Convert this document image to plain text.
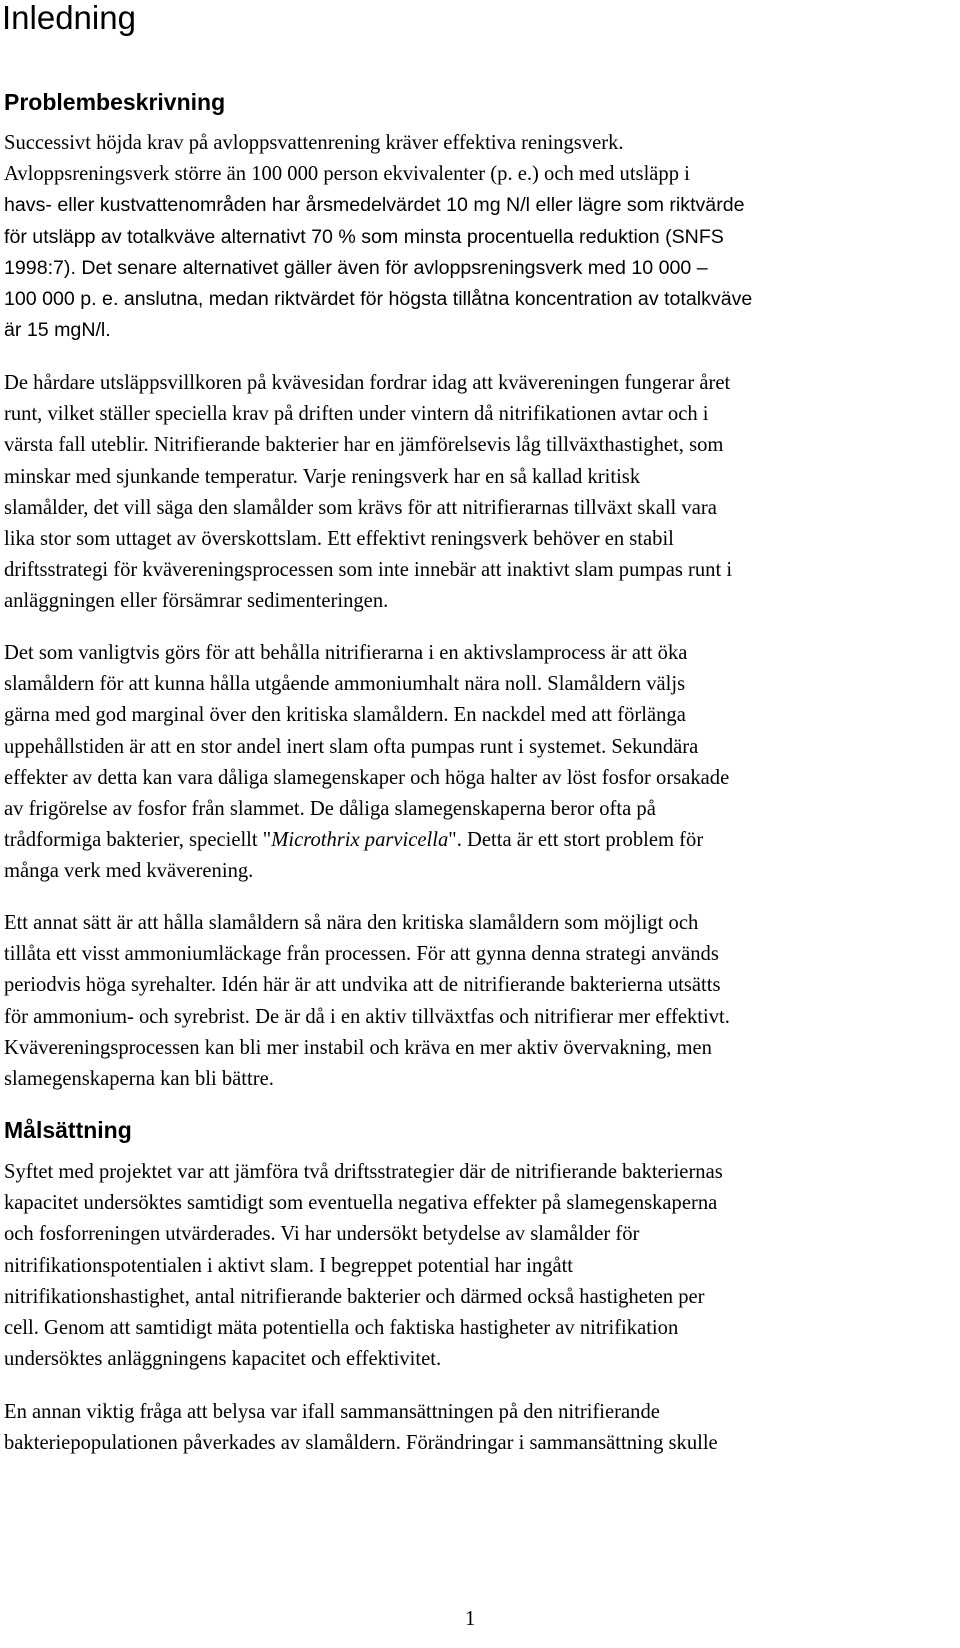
Inledning
Problembeskrivning
Successivt höjda krav på avloppsvattenrening kräver effektiva reningsverk.
Avloppsreningsverk större än 100 000 person ekvivalenter (p. e.) och med utsläpp i
havs- eller kustvattenområden har årsmedelvärdet 10 mg N/l eller lägre som riktvärde
för utsläpp av totalkväve alternativt 70 % som minsta procentuella reduktion (SNFS
1998:7). Det senare alternativet gäller även för avloppsreningsverk med 10 000 –
100 000 p. e. anslutna, medan riktvärdet för högsta tillåtna koncentration av totalkväve
är 15 mgN/l.
De hårdare utsläppsvillkoren på kvävesidan fordrar idag att kvävereningen fungerar året
runt, vilket ställer speciella krav på driften under vintern då nitrifikationen avtar och i
värsta fall uteblir. Nitrifierande bakterier har en jämförelsevis låg tillväxthastighet, som
minskar med sjunkande temperatur. Varje reningsverk har en så kallad kritisk
slamålder, det vill säga den slamålder som krävs för att nitrifierarnas tillväxt skall vara
lika stor som uttaget av överskottslam. Ett effektivt reningsverk behöver en stabil
driftsstrategi för kvävereningsprocessen som inte innebär att inaktivt slam pumpas runt i
anläggningen eller försämrar sedimenteringen.
Det som vanligtvis görs för att behålla nitrifierarna i en aktivslamprocess är att öka
slamåldern för att kunna hålla utgående ammoniumhalt nära noll. Slamåldern väljs
gärna med god marginal över den kritiska slamåldern. En nackdel med att förlänga
uppehållstiden är att en stor andel inert slam ofta pumpas runt i systemet. Sekundära
effekter av detta kan vara dåliga slamegenskaper och höga halter av löst fosfor orsakade
av frigörelse av fosfor från slammet. De dåliga slamegenskaperna beror ofta på
trådformiga bakterier, speciellt "Microthrix parvicella". Detta är ett stort problem för
många verk med kväverening.
Ett annat sätt är att hålla slamåldern så nära den kritiska slamåldern som möjligt och
tillåta ett visst ammoniumläckage från processen. För att gynna denna strategi används
periodvis höga syrehalter. Idén här är att undvika att de nitrifierande bakterierna utsätts
för ammonium- och syrebrist. De är då i en aktiv tillväxtfas och nitrifierar mer effektivt.
Kvävereningsprocessen kan bli mer instabil och kräva en mer aktiv övervakning, men
slamegenskaperna kan bli bättre.
Målsättning
Syftet med projektet var att jämföra två driftsstrategier där de nitrifierande bakteriernas
kapacitet undersöktes samtidigt som eventuella negativa effekter på slamegenskaperna
och fosforreningen utvärderades. Vi har undersökt betydelse av slamålder för
nitrifikationspotentialen i aktivt slam. I begreppet potential har ingått
nitrifikationshastighet, antal nitrifierande bakterier och därmed också hastigheten per
cell. Genom att samtidigt mäta potentiella och faktiska hastigheter av nitrifikation
undersöktes anläggningens kapacitet och effektivitet.
En annan viktig fråga att belysa var ifall sammansättningen på den nitrifierande
bakteriepopulationen påverkades av slamåldern. Förändringar i sammansättning skulle
1
